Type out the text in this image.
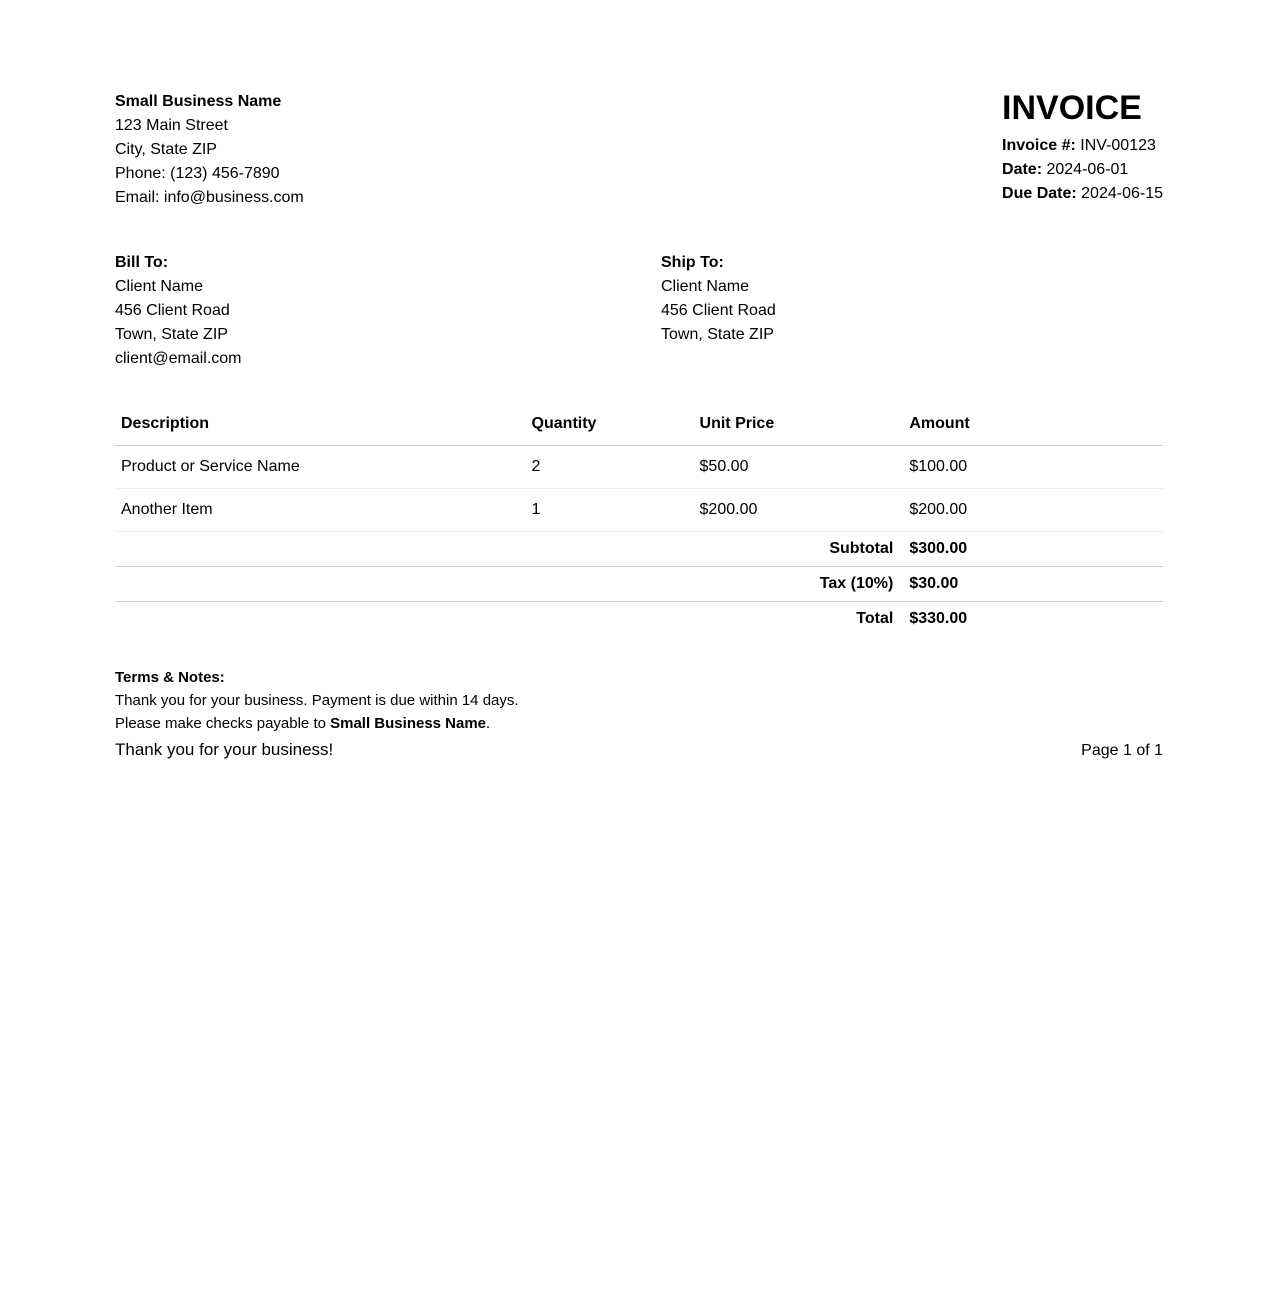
Small Business Name
123 Main Street
City, State ZIP
Phone: (123) 456-7890
Email: info@business.com
INVOICE
Invoice #: INV-00123
Date: 2024-06-01
Due Date: 2024-06-15
Bill To:
Client Name
456 Client Road
Town, State ZIP
client@email.com
Ship To:
Client Name
456 Client Road
Town, State ZIP
Description	Quantity	Unit Price	Amount
Product or Service Name	2	$50.00	$100.00
Another Item	1	$200.00	$200.00
Subtotal			$300.00
Tax (10%)			$30.00
Total			$330.00

Terms & Notes:

Thank you for your business. Payment is due within 14 days.

Please make checks payable to Small Business Name.

Thank you for your business!	Page 1 of 1
